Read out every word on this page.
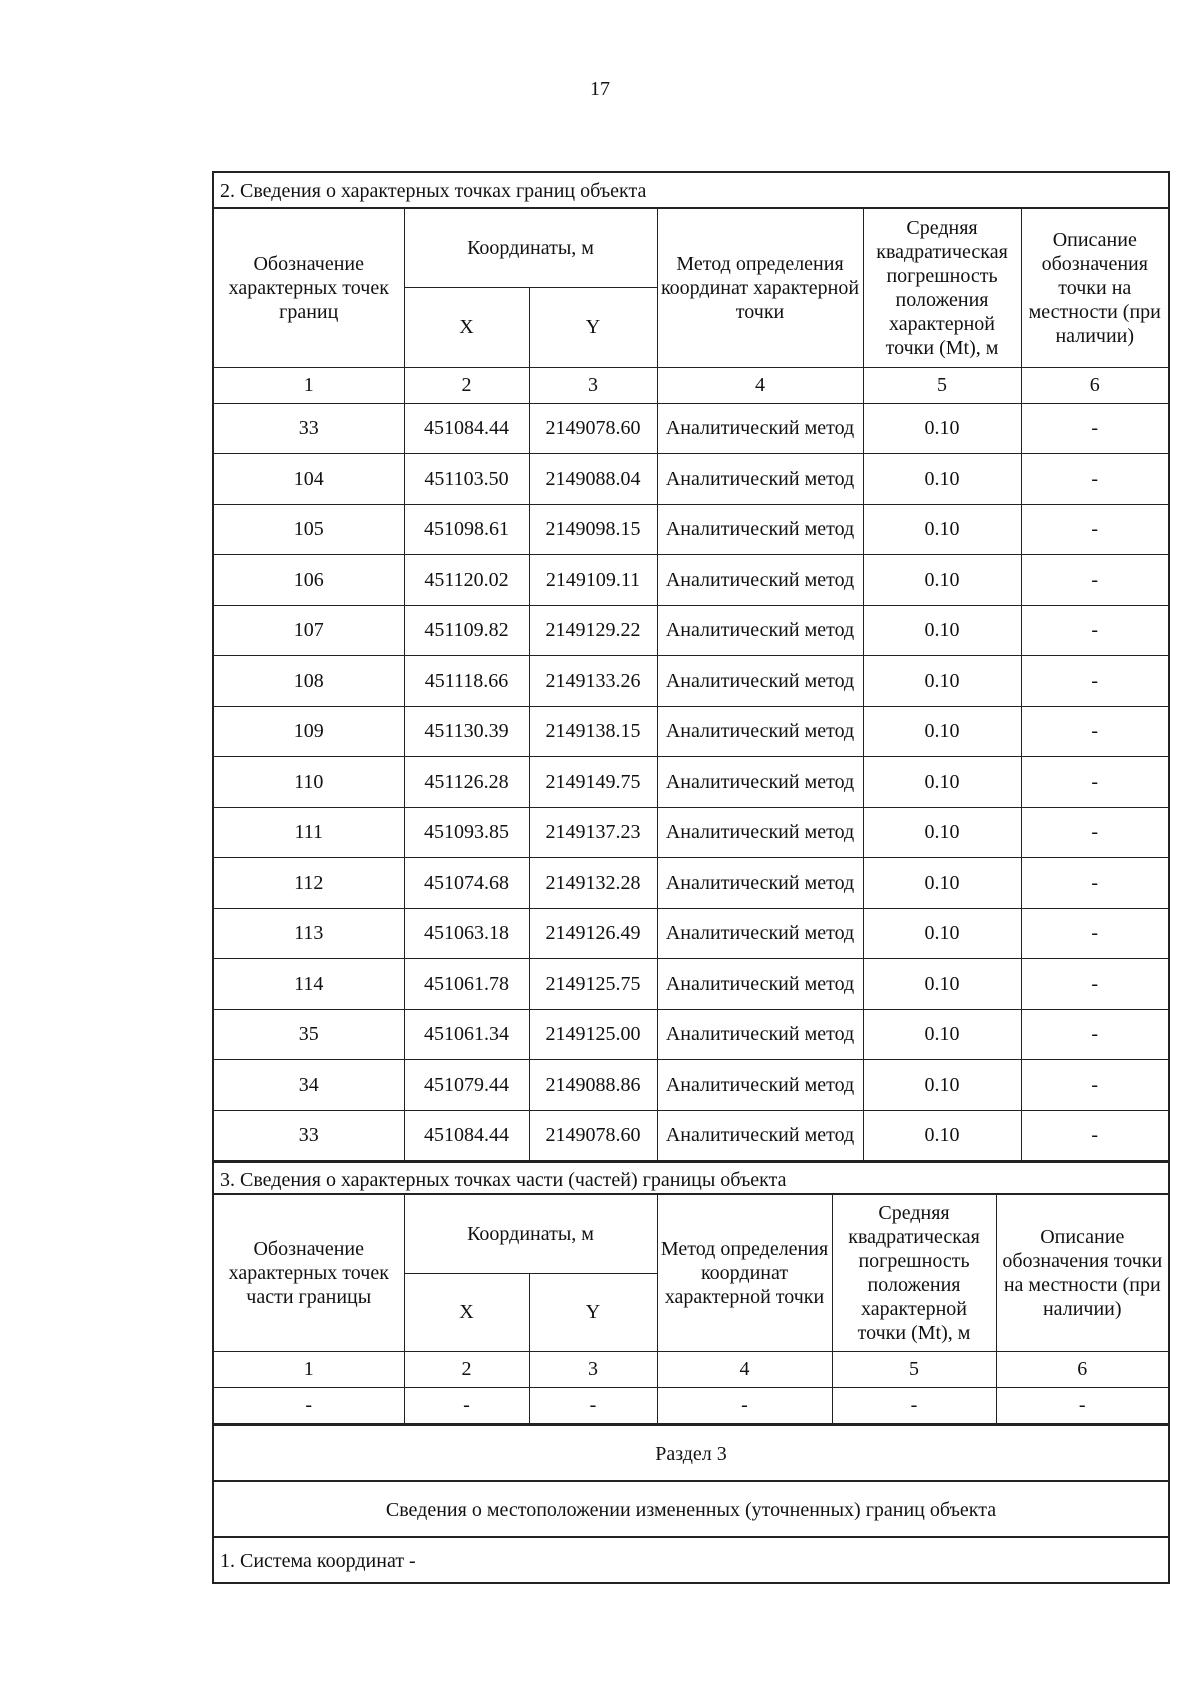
17
2. Сведения о характерных точках границ объекта
Обозначение характерных точек границ	Координаты, м		Метод определения координат характерной точки	Средняя квадратическая погрешность положения характерной точки (Mt), м	Описание обозначения точки на местности (при наличии)
	X	Y			
1	2	3	4	5	6
33	451084.44	2149078.60	Аналитический метод	0.10	-
104	451103.50	2149088.04	Аналитический метод	0.10	-
105	451098.61	2149098.15	Аналитический метод	0.10	-
106	451120.02	2149109.11	Аналитический метод	0.10	-
107	451109.82	2149129.22	Аналитический метод	0.10	-
108	451118.66	2149133.26	Аналитический метод	0.10	-
109	451130.39	2149138.15	Аналитический метод	0.10	-
110	451126.28	2149149.75	Аналитический метод	0.10	-
111	451093.85	2149137.23	Аналитический метод	0.10	-
112	451074.68	2149132.28	Аналитический метод	0.10	-
113	451063.18	2149126.49	Аналитический метод	0.10	-
114	451061.78	2149125.75	Аналитический метод	0.10	-
35	451061.34	2149125.00	Аналитический метод	0.10	-
34	451079.44	2149088.86	Аналитический метод	0.10	-
33	451084.44	2149078.60	Аналитический метод	0.10	-
3. Сведения о характерных точках части (частей) границы объекта
Обозначение характерных точек части границы	Координаты, м		Метод определения координат характерной точки	Средняя квадратическая погрешность положения характерной точки (Mt), м	Описание обозначения точки на местности (при наличии)
	X	Y			
1	2	3	4	5	6
-	-	-	-	-	-
Раздел 3
Сведения о местоположении измененных (уточненных) границ объекта
1. Система координат -
